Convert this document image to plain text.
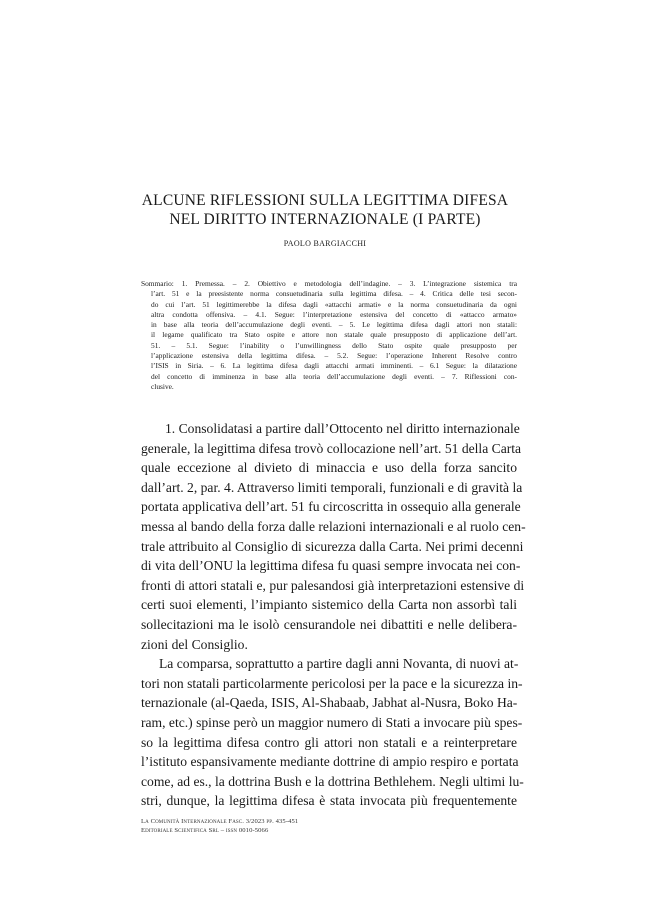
ALCUNE RIFLESSIONI SULLA LEGITTIMA DIFESA
NEL DIRITTO INTERNAZIONALE (I PARTE)
PAOLO BARGIACCHI
Sommario: 1. Premessa. – 2. Obiettivo e metodologia dell’indagine. – 3. L’integrazione sistemica tra
l’art. 51 e la preesistente norma consuetudinaria sulla legittima difesa. – 4. Critica delle tesi secon-
do cui l’art. 51 legittimerebbe la difesa dagli «attacchi armati» e la norma consuetudinaria da ogni
altra condotta offensiva. – 4.1. Segue: l’interpretazione estensiva del concetto di «attacco armato»
in base alla teoria dell’accumulazione degli eventi. – 5. Le legittima difesa dagli attori non statali:
il legame qualificato tra Stato ospite e attore non statale quale presupposto di applicazione dell’art.
51. – 5.1. Segue: l’inability o l’unwillingness dello Stato ospite quale presupposto per
l’applicazione estensiva della legittima difesa. – 5.2. Segue: l’operazione Inherent Resolve contro
l’ISIS in Siria. – 6. La legittima difesa dagli attacchi armati imminenti. – 6.1 Segue: la dilatazione
del concetto di imminenza in base alla teoria dell’accumulazione degli eventi. – 7. Riflessioni con-
clusive.
1. Consolidatasi a partire dall’Ottocento nel diritto internazionale
generale, la legittima difesa trovò collocazione nell’art. 51 della Carta
quale eccezione al divieto di minaccia e uso della forza sancito
dall’art. 2, par. 4. Attraverso limiti temporali, funzionali e di gravità la
portata applicativa dell’art. 51 fu circoscritta in ossequio alla generale
messa al bando della forza dalle relazioni internazionali e al ruolo cen-
trale attribuito al Consiglio di sicurezza dalla Carta. Nei primi decenni
di vita dell’ONU la legittima difesa fu quasi sempre invocata nei con-
fronti di attori statali e, pur palesandosi già interpretazioni estensive di
certi suoi elementi, l’impianto sistemico della Carta non assorbì tali
sollecitazioni ma le isolò censurandole nei dibattiti e nelle delibera-
zioni del Consiglio.
La comparsa, soprattutto a partire dagli anni Novanta, di nuovi at-
tori non statali particolarmente pericolosi per la pace e la sicurezza in-
ternazionale (al-Qaeda, ISIS, Al-Shabaab, Jabhat al-Nusra, Boko Ha-
ram, etc.) spinse però un maggior numero di Stati a invocare più spes-
so la legittima difesa contro gli attori non statali e a reinterpretare
l’istituto espansivamente mediante dottrine di ampio respiro e portata
come, ad es., la dottrina Bush e la dottrina Bethlehem. Negli ultimi lu-
stri, dunque, la legittima difesa è stata invocata più frequentemente
La Comunità Internazionale Fasc. 3/2023 pp. 435-451
Editoriale Scientifica Srl – issn 0010-5066
